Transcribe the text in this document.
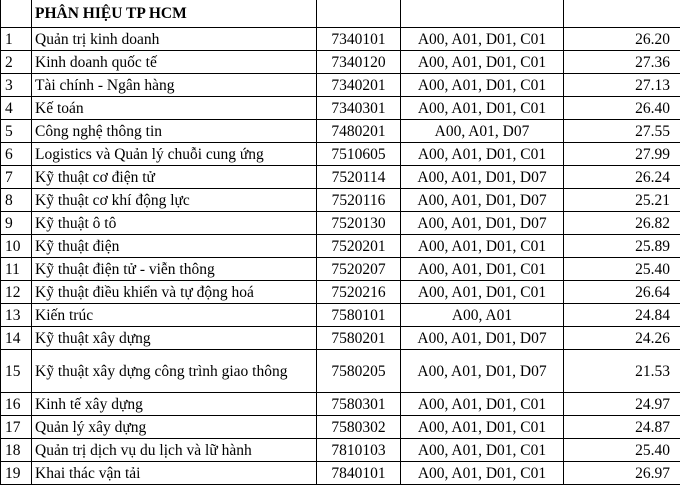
	PHÂN HIỆU TP HCM			
1	Quản trị kinh doanh	7340101	A00, A01, D01, C01	26.20
2	Kinh doanh quốc tế	7340120	A00, A01, D01, C01	27.36
3	Tài chính - Ngân hàng	7340201	A00, A01, D01, C01	27.13
4	Kế toán	7340301	A00, A01, D01, C01	26.40
5	Công nghệ thông tin	7480201	A00, A01, D07	27.55
6	Logistics và Quản lý chuỗi cung ứng	7510605	A00, A01, D01, C01	27.99
7	Kỹ thuật cơ điện tử	7520114	A00, A01, D01, D07	26.24
8	Kỹ thuật cơ khí động lực	7520116	A00, A01, D01, D07	25.21
9	Kỹ thuật ô tô	7520130	A00, A01, D01, D07	26.82
10	Kỹ thuật điện	7520201	A00, A01, D01, C01	25.89
11	Kỹ thuật điện tử - viễn thông	7520207	A00, A01, D01, C01	25.40
12	Kỹ thuật điều khiển và tự động hoá	7520216	A00, A01, D01, C01	26.64
13	Kiến trúc	7580101	A00, A01	24.84
14	Kỹ thuật xây dựng	7580201	A00, A01, D01, D07	24.26
15	Kỹ thuật xây dựng công trình giao thông	7580205	A00, A01, D01, D07	21.53
16	Kinh tế xây dựng	7580301	A00, A01, D01, C01	24.97
17	Quản lý xây dựng	7580302	A00, A01, D01, C01	24.87
18	Quản trị dịch vụ du lịch và lữ hành	7810103	A00, A01, D01, C01	25.40
19	Khai thác vận tải	7840101	A00, A01, D01, C01	26.97
